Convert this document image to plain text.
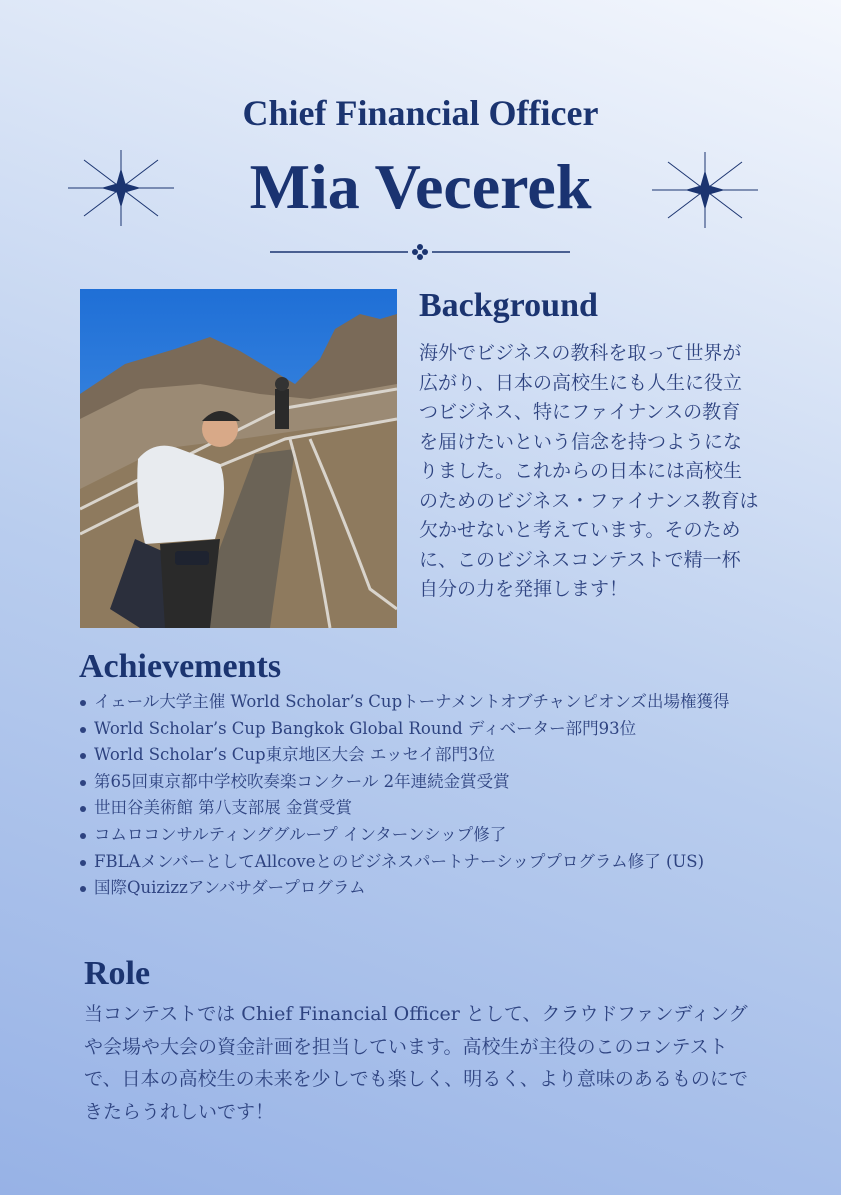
Chief Financial Officer
Mia Vecerek
Background
海外でビジネスの教科を取って世界が広がり、日本の高校生にも人生に役立つビジネス、特にファイナンスの教育を届けたいという信念を持つようになりました。これからの日本には高校生のためのビジネス・ファイナンス教育は欠かせないと考えています。そのために、このビジネスコンテストで精一杯自分の力を発揮します！
Achievements
イェール大学主催 World Scholar’s Cupトーナメントオブチャンピオンズ出場権獲得
World Scholar’s Cup Bangkok Global Round ディベーター部門93位
World Scholar’s Cup東京地区大会 エッセイ部門3位
第65回東京都中学校吹奏楽コンクール 2年連続金賞受賞
世田谷美術館 第八支部展 金賞受賞
コムロコンサルティンググループ インターンシップ修了
FBLAメンバーとしてAllcoveとのビジネスパートナーシッププログラム修了 (US)
国際Quizizzアンバサダープログラム
Role
当コンテストでは Chief Financial Officer として、クラウドファンディングや会場や大会の資金計画を担当しています。高校生が主役のこのコンテストで、日本の高校生の未来を少しでも楽しく、明るく、より意味のあるものにできたらうれしいです！
